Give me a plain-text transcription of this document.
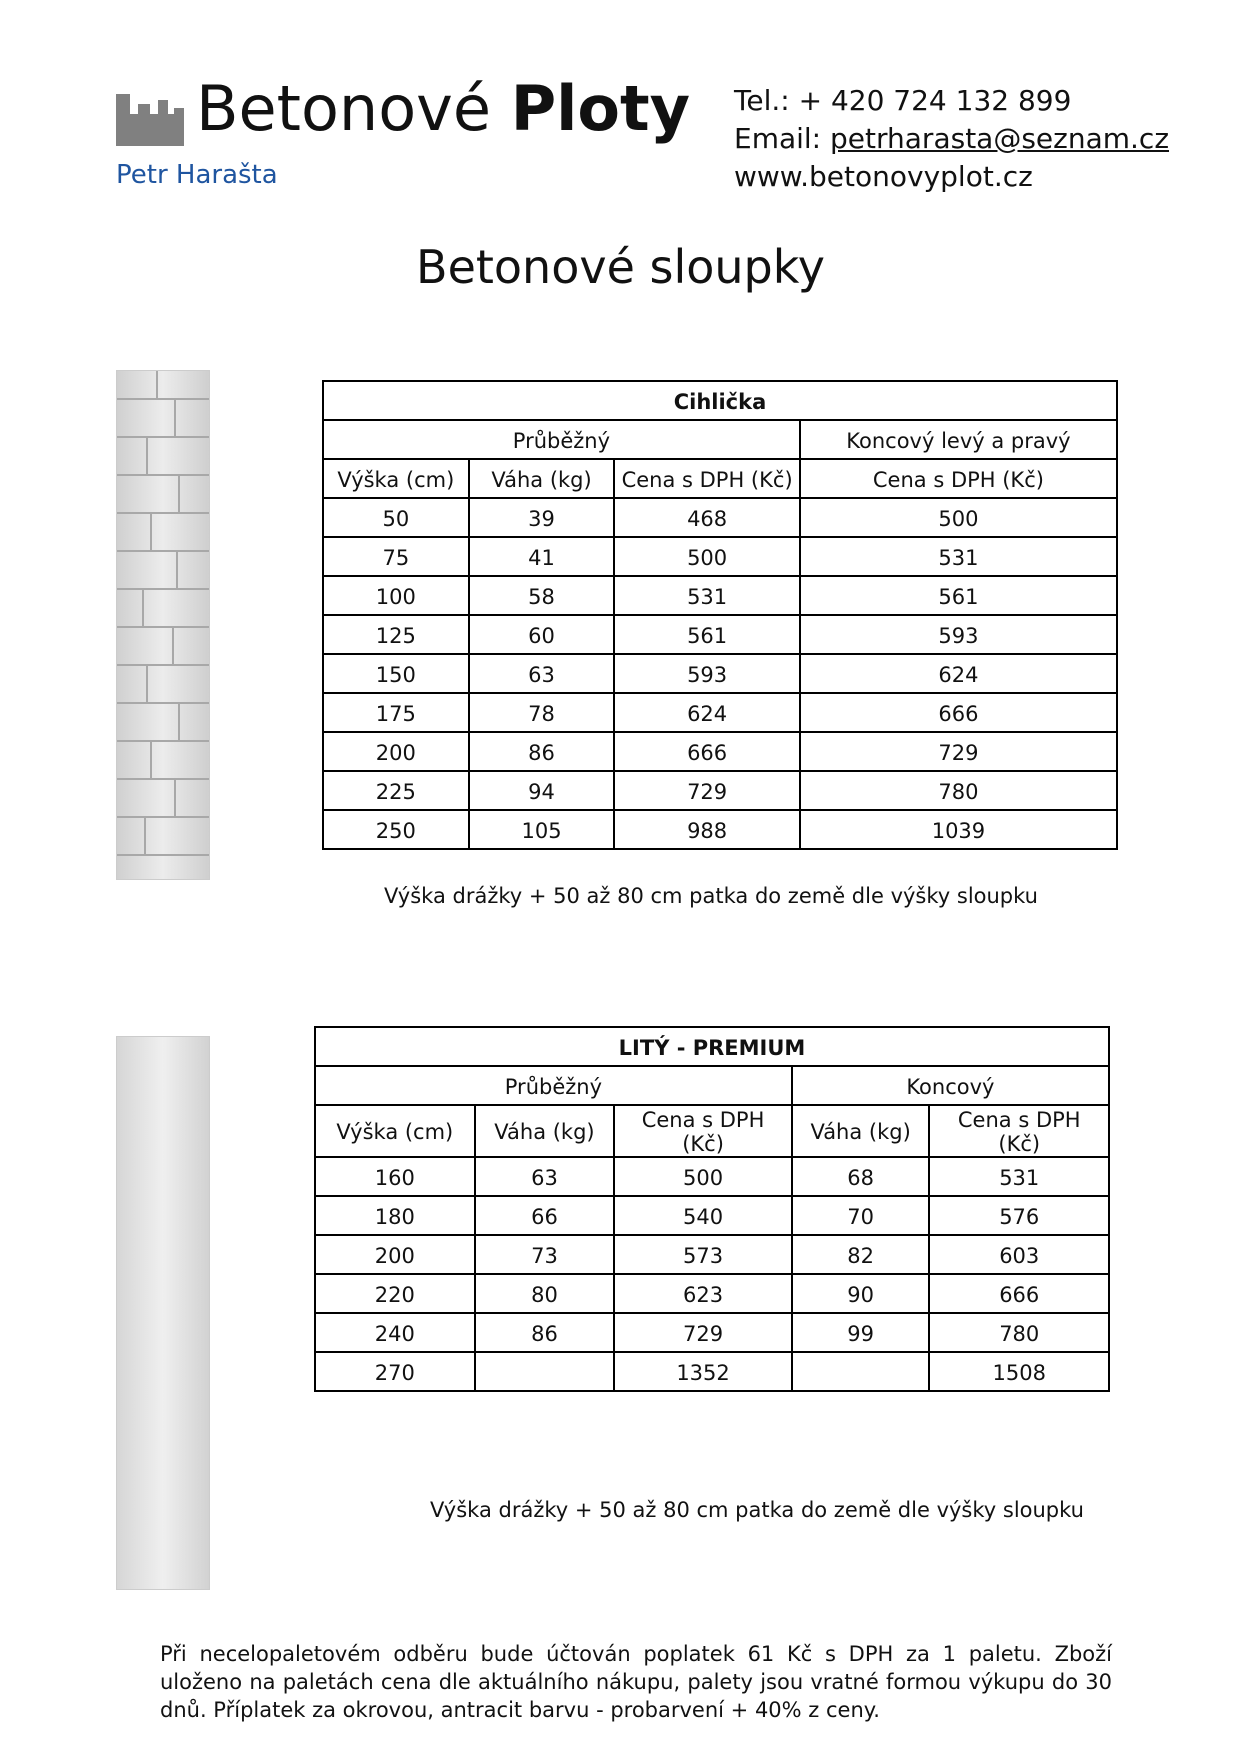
Betonové Ploty
Petr Harašta
Tel.: + 420 724 132 899
Email: petrharasta@seznam.cz
www.betonovyplot.cz
Betonové sloupky
Cihlička			
Průběžný			Koncový levý a pravý
Výška (cm)	Váha (kg)	Cena s DPH (Kč)	Cena s DPH (Kč)
50	39	468	500
75	41	500	531
100	58	531	561
125	60	561	593
150	63	593	624
175	78	624	666
200	86	666	729
225	94	729	780
250	105	988	1039
Výška drážky + 50 až 80 cm patka do země dle výšky sloupku
LITÝ - PREMIUM				
Průběžný			Koncový	
Výška (cm)	Váha (kg)	Cena s DPH (Kč)	Váha (kg)	Cena s DPH (Kč)
160	63	500	68	531
180	66	540	70	576
200	73	573	82	603
220	80	623	90	666
240	86	729	99	780
270		1352		1508
Výška drážky + 50 až 80 cm patka do země dle výšky sloupku
Při necelopaletovém odběru bude účtován poplatek 61 Kč s DPH za 1 paletu. Zboží uloženo na paletách cena dle aktuálního nákupu, palety jsou vratné formou výkupu do 30 dnů. Příplatek za okrovou, antracit barvu - probarvení + 40% z ceny.
